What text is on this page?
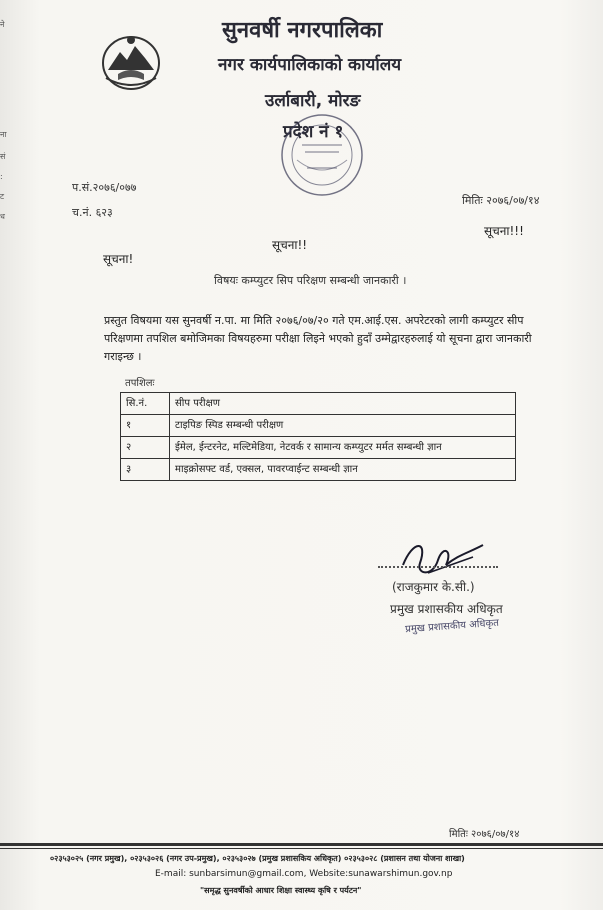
ने
ना
सं
:
ट
ध
सुनवर्षी नगरपालिका
नगर कार्यपालिकाको कार्यालय
उर्लाबारी, मोरङ
प्रदेश नं १
प.सं.२०७६/०७७
च.नं. ६२३
मितिः २०७६/०७/१४
सूचना!
सूचना!!
सूचना!!!
विषयः कम्प्युटर सिप परिक्षण सम्बन्धी जानकारी ।
प्रस्तुत विषयमा यस सुनवर्षी न.पा. मा मिति २०७६/०७/२० गते एम.आई.एस. अपरेटरको लागी कम्प्युटर सीप परिक्षणमा तपशिल बमोजिमका विषयहरुमा परीक्षा लिइने भएको हुदाँ उम्मेद्वारहरुलाई यो सूचना द्वारा जानकारी गराइन्छ ।
तपशिलः
सि.नं.	सीप परीक्षण
१	टाइपिङ स्पिड सम्बन्धी परीक्षण
२	ईमेल, ईन्टरनेट, मल्टिमेडिया, नेटवर्क र सामान्य कम्प्युटर मर्मत सम्बन्धी ज्ञान
३	माइक्रोसफ्ट वर्ड, एक्सल, पावरप्वाईन्ट सम्बन्धी ज्ञान
(राजकुमार के.सी.)
प्रमुख प्रशासकीय अधिकृत
प्रमुख प्रशासकीय अधिकृत
मितिः २०७६/०७/१४
०२३५३०२५ (नगर प्रमुख), ०२३५३०२६ (नगर उप-प्रमुख), ०२३५३०२७ (प्रमुख प्रशासकिय अधिकृत) ०२३५३०२८ (प्रशासन तथा योजना शाखा)
E-mail: sunbarsimun@gmail.com, Website:sunawarshimun.gov.np
"समृद्ध सुनवर्षीको आधार शिक्षा स्वास्थ्य कृषि र पर्यटन"
